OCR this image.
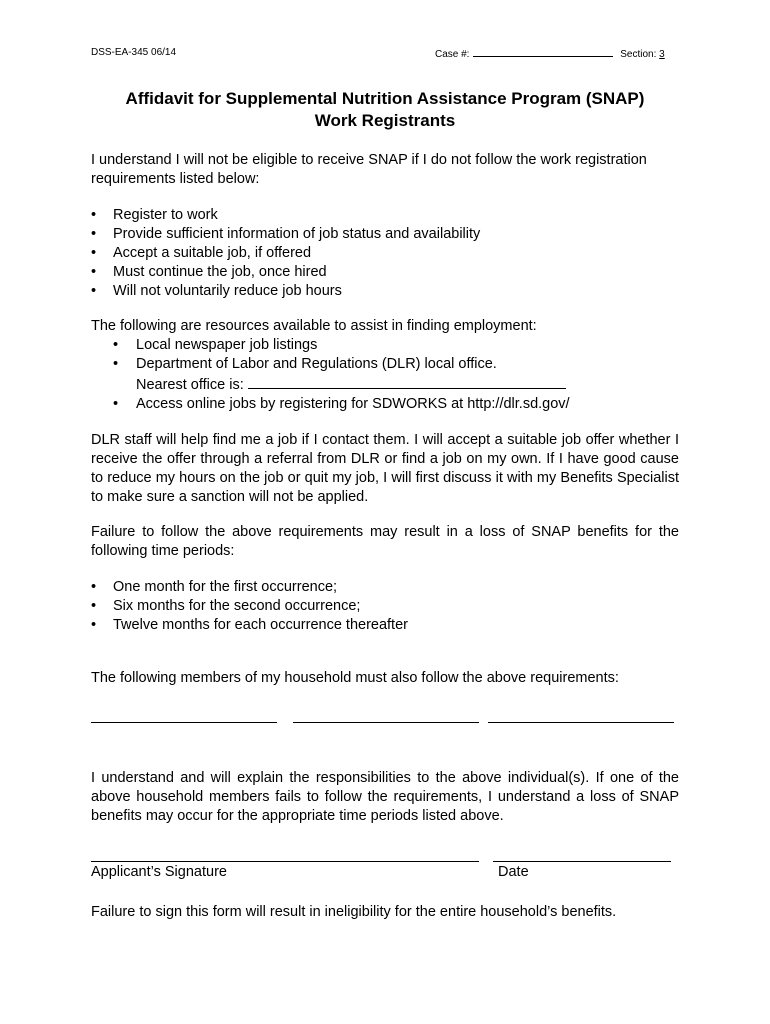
DSS-EA-345 06/14	Case #:	Section: 3
Affidavit for Supplemental Nutrition Assistance Program (SNAP)
Work Registrants

I understand I will not be eligible to receive SNAP if I do not follow the work registration requirements listed below:

• Register to work
• Provide sufficient information of job status and availability
• Accept a suitable job, if offered
• Must continue the job, once hired
• Will not voluntarily reduce job hours

The following are resources available to assist in finding employment:

• Local newspaper job listings
• Department of Labor and Regulations (DLR) local office.
Nearest office is:
• Access online jobs by registering for SDWORKS at http://dlr.sd.gov/

DLR staff will help find me a job if I contact them. I will accept a suitable job offer whether I receive the offer through a referral from DLR or find a job on my own. If I have good cause to reduce my hours on the job or quit my job, I will first discuss it with my Benefits Specialist to make sure a sanction will not be applied.

Failure to follow the above requirements may result in a loss of SNAP benefits for the following time periods:

• One month for the first occurrence;
• Six months for the second occurrence;
• Twelve months for each occurrence thereafter

The following members of my household must also follow the above requirements:

I understand and will explain the responsibilities to the above individual(s). If one of the above household members fails to follow the requirements, I understand a loss of SNAP benefits may occur for the appropriate time periods listed above.

Applicant’s Signature	Date

Failure to sign this form will result in ineligibility for the entire household’s benefits.
